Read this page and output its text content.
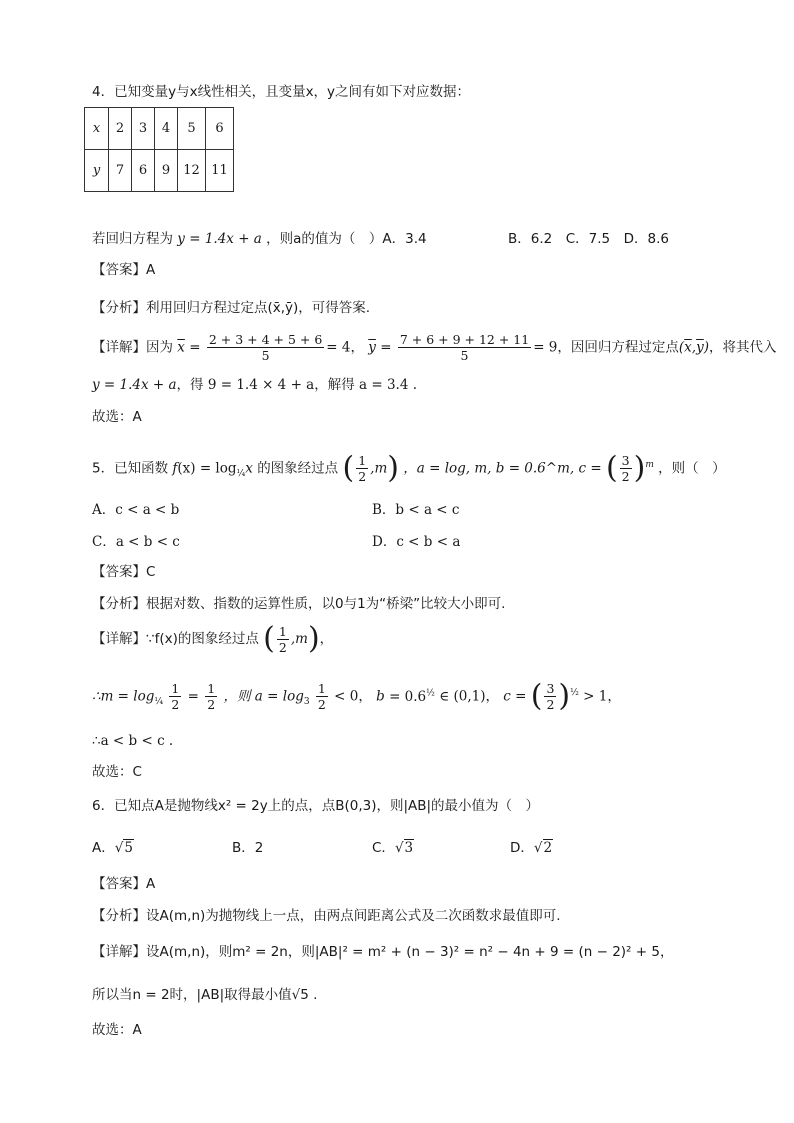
4．已知变量y与x线性相关，且变量x，y之间有如下对应数据：
x	2	3	4	5	6
y	7	6	9	12	11
若回归方程为 y = 1.4x + a ，则a的值为（　）A．3.4	B．6.2　C．7.5　D．8.6
【答案】A
【分析】利用回归方程过定点(x̄,ȳ)，可得答案.
【详解】因为 $\overline{x} = \frac{2 + 3 + 4 + 5 + 6}{5} = 4$， $\overline{y} = \frac{7 + 6 + 9 + 12 + 11}{5} = 9$，因回归方程过定点$(\overline{x},\overline{y})$，将其代入
y = 1.4x + a，得 9 = 1.4 × 4 + a，解得 a = 3.4 .
故选：A
5．已知函数 $f(x) = \log_{\frac{1}{4}}x$ 的图象经过点 ( $\frac{1}{2} ,m$) ，a = log, m, b = 0.6^m, c = ( $\frac{3}{2} )^m$ ，则（　）
A．c < a < b	B．b < a < c
C．a < b < c	D．c < b < a
【答案】C
【分析】根据对数、指数的运算性质，以0与1为“桥梁”比较大小即可.
【详解】∵f(x)的图象经过点 ( $\frac{1}{2} ,m$)，
∴m = $\log_{\frac{1}{4}} \frac{1}{2} = \frac{1}{2}$ ，则 $a = \log_3 \frac{1}{2} < 0$， $b = 0.6^{\frac{1}{2}}$ ∈ (0,1)， c = ( $\frac{3}{2} )^{\frac{1}{2}} > 1$，
∴a < b < c .
故选：C
6．已知点A是抛物线x² = 2y上的点，点B(0,3)，则|AB|的最小值为（　）
A．√5	B．2	C．√3	D．√2
【答案】A
【分析】设A(m,n)为抛物线上一点，由两点间距离公式及二次函数求最值即可.
【详解】设A(m,n)，则m² = 2n，则|AB|² = m² + (n − 3)² = n² − 4n + 9 = (n − 2)² + 5，
所以当n = 2时，|AB|取得最小值√5 .
故选：A
